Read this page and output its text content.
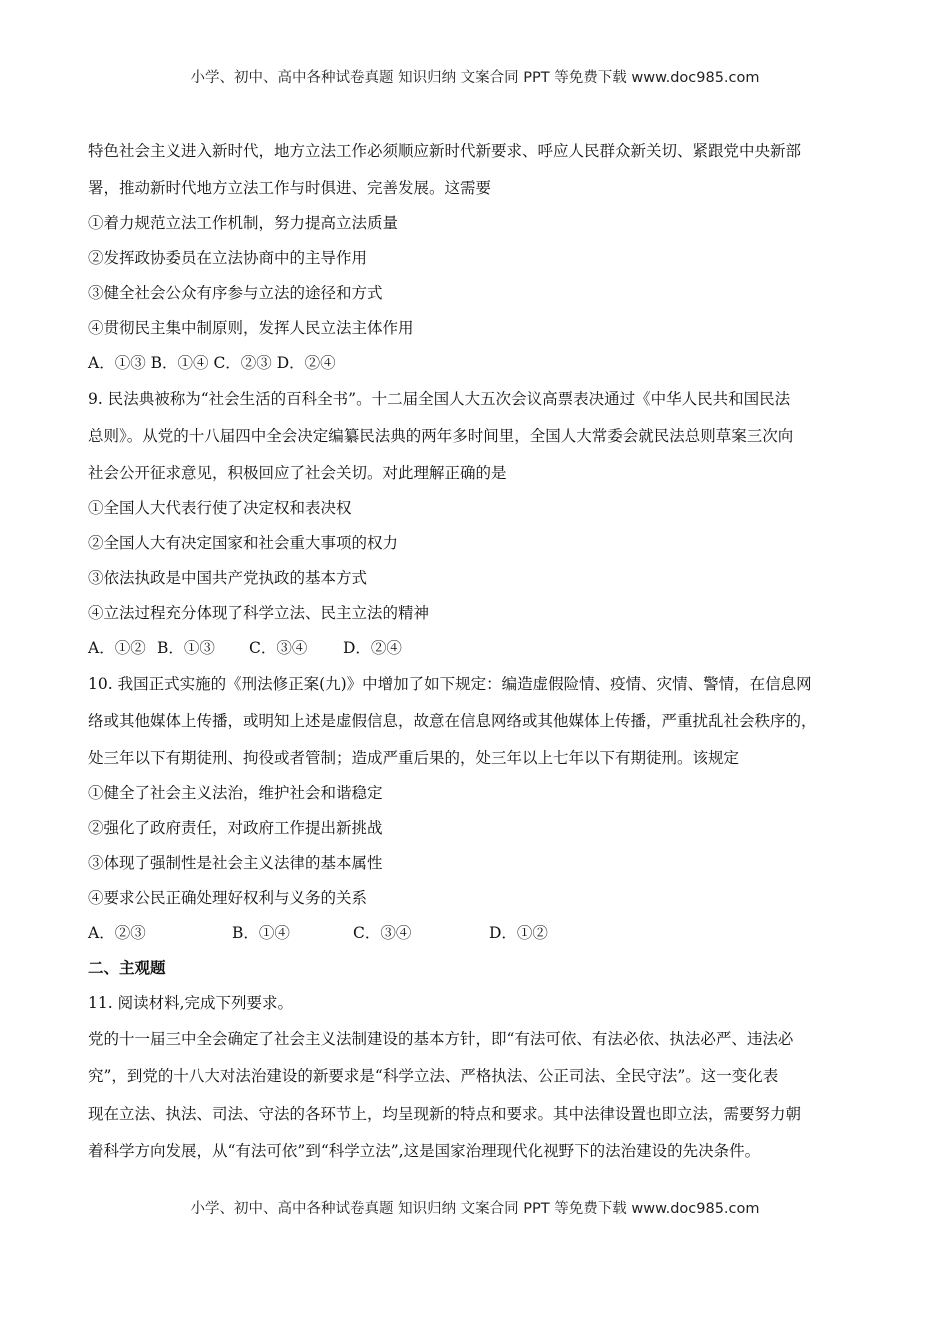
小学、初中、高中各种试卷真题 知识归纳 文案合同 PPT 等免费下载 www.doc985.com
特色社会主义进入新时代，地方立法工作必须顺应新时代新要求、呼应人民群众新关切、紧跟党中央新部
署，推动新时代地方立法工作与时俱进、完善发展。这需要
①着力规范立法工作机制，努力提高立法质量
②发挥政协委员在立法协商中的主导作用
③健全社会公众有序参与立法的途径和方式
④贯彻民主集中制原则，发挥人民立法主体作用
A．①③ B．①④ C．②③ D．②④
9. 民法典被称为“社会生活的百科全书”。十二届全国人大五次会议高票表决通过《中华人民共和国民法
总则》。从党的十八届四中全会决定编纂民法典的两年多时间里，全国人大常委会就民法总则草案三次向
社会公开征求意见，积极回应了社会关切。对此理解正确的是
①全国人大代表行使了决定权和表决权
②全国人大有决定国家和社会重大事项的权力
③依法执政是中国共产党执政的基本方式
④立法过程充分体现了科学立法、民主立法的精神
A．①② B．①③ C．③④ D．②④
10. 我国正式实施的《刑法修正案(九)》中增加了如下规定：编造虚假险情、疫情、灾情、警情，在信息网
络或其他媒体上传播，或明知上述是虚假信息，故意在信息网络或其他媒体上传播，严重扰乱社会秩序的，
处三年以下有期徒刑、拘役或者管制；造成严重后果的，处三年以上七年以下有期徒刑。该规定
①健全了社会主义法治，维护社会和谐稳定
②强化了政府责任，对政府工作提出新挑战
③体现了强制性是社会主义法律的基本属性
④要求公民正确处理好权利与义务的关系
A．②③	B．①④	C．③④	D．①②
二、主观题
11. 阅读材料,完成下列要求。
党的十一届三中全会确定了社会主义法制建设的基本方针，即“有法可依、有法必依、执法必严、违法必
究”，到党的十八大对法治建设的新要求是“科学立法、严格执法、公正司法、全民守法”。这一变化表
现在立法、执法、司法、守法的各环节上，均呈现新的特点和要求。其中法律设置也即立法，需要努力朝
着科学方向发展，从“有法可依”到“科学立法”,这是国家治理现代化视野下的法治建设的先决条件。
小学、初中、高中各种试卷真题 知识归纳 文案合同 PPT 等免费下载 www.doc985.com
